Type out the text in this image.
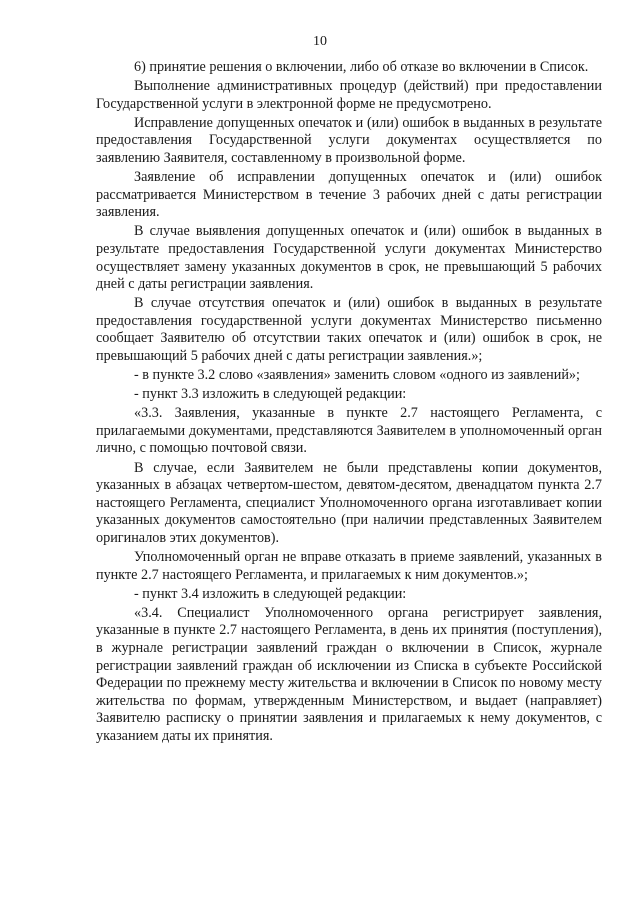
10

6) принятие решения о включении, либо об отказе во включении в Список.

Выполнение административных процедур (действий) при предоставлении Государственной услуги в электронной форме не предусмотрено.

Исправление допущенных опечаток и (или) ошибок в выданных в результате предоставления Государственной услуги документах осуществляется по заявлению Заявителя, составленному в произвольной форме.

Заявление об исправлении допущенных опечаток и (или) ошибок рассматривается Министерством в течение 3 рабочих дней с даты регистрации заявления.

В случае выявления допущенных опечаток и (или) ошибок в выданных в результате предоставления Государственной услуги документах Министерство осуществляет замену указанных документов в срок, не превышающий 5 рабочих дней с даты регистрации заявления.

В случае отсутствия опечаток и (или) ошибок в выданных в результате предоставления государственной услуги документах Министерство письменно сообщает Заявителю об отсутствии таких опечаток и (или) ошибок в срок, не превышающий 5 рабочих дней с даты регистрации заявления.»;

- в пункте 3.2 слово «заявления» заменить словом «одного из заявлений»;

- пункт 3.3 изложить в следующей редакции:

«3.3. Заявления, указанные в пункте 2.7 настоящего Регламента, с прилагаемыми документами, представляются Заявителем в уполномоченный орган лично, с помощью почтовой связи.

В случае, если Заявителем не были представлены копии документов, указанных в абзацах четвертом-шестом, девятом-десятом, двенадцатом пункта 2.7 настоящего Регламента, специалист Уполномоченного органа изготавливает копии указанных документов самостоятельно (при наличии представленных Заявителем оригиналов этих документов).

Уполномоченный орган не вправе отказать в приеме заявлений, указанных в пункте 2.7 настоящего Регламента, и прилагаемых к ним документов.»;

- пункт 3.4 изложить в следующей редакции:

«3.4. Специалист Уполномоченного органа регистрирует заявления, указанные в пункте 2.7 настоящего Регламента, в день их принятия (поступления), в журнале регистрации заявлений граждан о включении в Список, журнале регистрации заявлений граждан об исключении из Списка в субъекте Российской Федерации по прежнему месту жительства и включении в Список по новому месту жительства по формам, утвержденным Министерством, и выдает (направляет) Заявителю расписку о принятии заявления и прилагаемых к нему документов, с указанием даты их принятия.
